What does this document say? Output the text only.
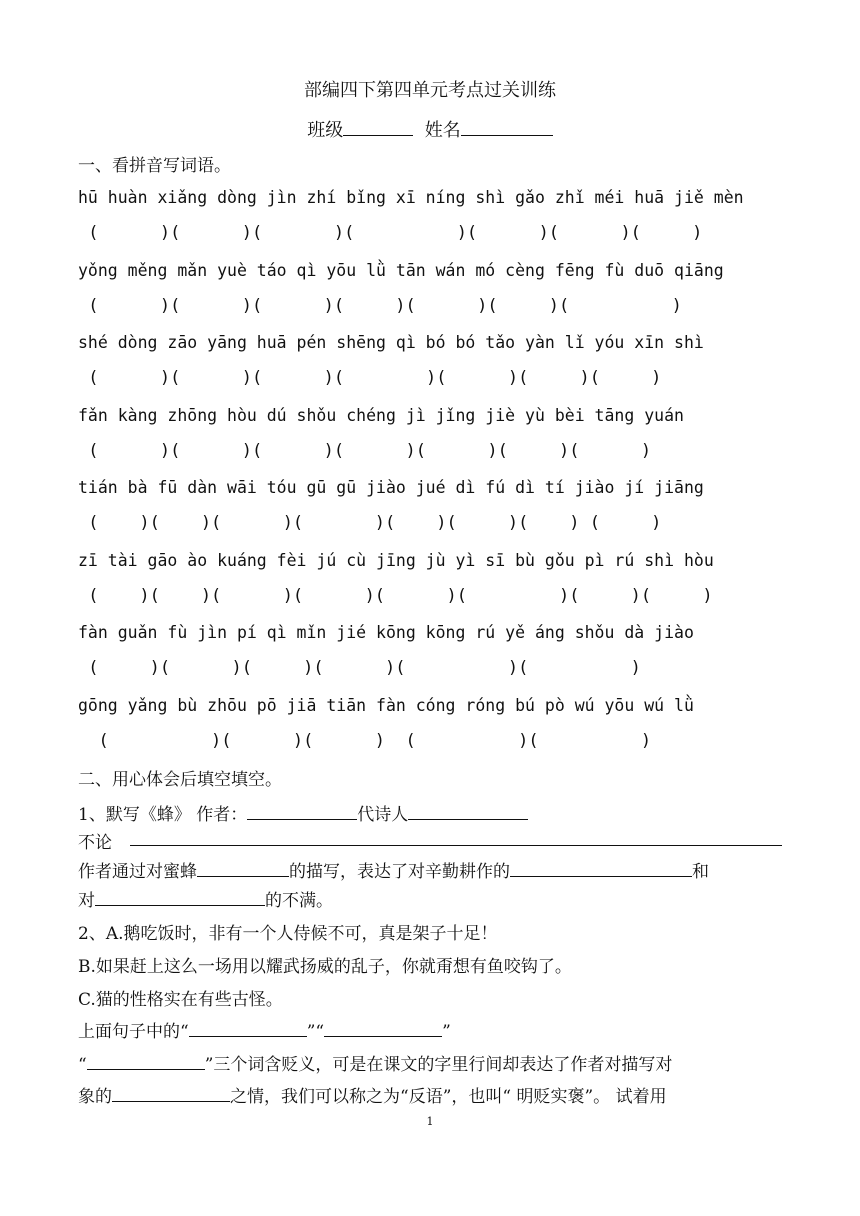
部编四下第四单元考点过关训练
班级	姓名
一、看拼音写词语。
hū huàn xiǎng dòng jìn zhí bǐng xī níng shì gǎo zhǐ méi huā jiě mèn
(      )(      )(       )(          )(      )(      )(     )
yǒng měng mǎn yuè táo qì yōu lǜ tān wán mó cèng fēng fù duō qiāng
(      )(      )(      )(     )(      )(     )(          )
shé dòng zāo yāng huā pén shēng qì bó bó tǎo yàn lǐ yóu xīn shì
(      )(      )(      )(        )(      )(     )(     )
fǎn kàng zhōng hòu dú shǒu chéng jì jǐng jiè yù bèi tāng yuán
(      )(      )(      )(      )(      )(     )(      )
tián bà fū dàn wāi tóu gū gū jiào jué dì fú dì tí jiào jí jiāng
(    )(    )(      )(       )(    )(     )(    ) (     )
zī tài gāo ào kuáng fèi jú cù jīng jù yì sī bù gǒu pì rú shì hòu
(    )(    )(      )(      )(      )(         )(     )(     )
fàn guǎn fù jìn pí qì mǐn jié kōng kōng rú yě áng shǒu dà jiào
(     )(      )(     )(      )(          )(          )
gōng yǎng bù zhōu pō jiā tiān fàn cóng róng bú pò wú yōu wú lǜ
(          )(      )(      )  (          )(          )
二、用心体会后填空填空。
1、默写《蜂》 作者：	代诗人
不论
作者通过对蜜蜂	的描写，表达了对辛勤耕作的	和
对	的不满。
2、A.鹅吃饭时，非有一个人侍候不可，真是架子十足！
B.如果赶上这么一场用以耀武扬威的乱子，你就甭想有鱼咬钩了。
C.猫的性格实在有些古怪。
上面句子中的“	”“	”
“	”三个词含贬义，可是在课文的字里行间却表达了作者对描写对
象的	之情，我们可以称之为“反语”，也叫“ 明贬实褒”。 试着用
1
